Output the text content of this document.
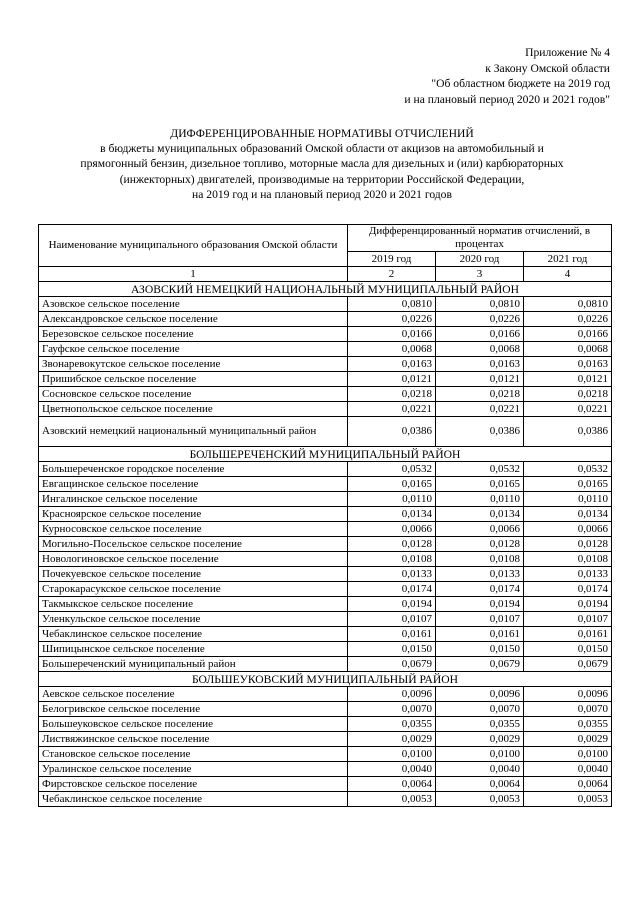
Приложение № 4
к Закону Омской области
"Об областном бюджете на 2019 год
и на плановый период 2020 и 2021 годов"
ДИФФЕРЕНЦИРОВАННЫЕ НОРМАТИВЫ ОТЧИСЛЕНИЙ
в бюджеты муниципальных образований Омской области от акцизов на автомобильный и
прямогонный бензин, дизельное топливо, моторные масла для дизельных и (или) карбюраторных
(инжекторных) двигателей, производимые на территории Российской Федерации,
на 2019 год и на плановый период 2020 и 2021 годов
Наименование муниципального образования Омской области	Дифференцированный норматив отчислений, в процентах		
	2019 год	2020 год	2021 год
1	2	3	4
АЗОВСКИЙ НЕМЕЦКИЙ НАЦИОНАЛЬНЫЙ МУНИЦИПАЛЬНЫЙ РАЙОН			
Азовское сельское поселение	0,0810	0,0810	0,0810
Александровское сельское поселение	0,0226	0,0226	0,0226
Березовское сельское поселение	0,0166	0,0166	0,0166
Гауфское сельское поселение	0,0068	0,0068	0,0068
Звонаревокутское сельское поселение	0,0163	0,0163	0,0163
Пришибское сельское поселение	0,0121	0,0121	0,0121
Сосновское сельское поселение	0,0218	0,0218	0,0218
Цветнопольское сельское поселение	0,0221	0,0221	0,0221
Азовский немецкий национальный муниципальный район	0,0386	0,0386	0,0386
БОЛЬШЕРЕЧЕНСКИЙ МУНИЦИПАЛЬНЫЙ РАЙОН			
Большереченское городское поселение	0,0532	0,0532	0,0532
Евгащинское сельское поселение	0,0165	0,0165	0,0165
Ингалинское сельское поселение	0,0110	0,0110	0,0110
Красноярское сельское поселение	0,0134	0,0134	0,0134
Курносовское сельское поселение	0,0066	0,0066	0,0066
Могильно-Посельское сельское поселение	0,0128	0,0128	0,0128
Новологиновское сельское поселение	0,0108	0,0108	0,0108
Почекуевское сельское поселение	0,0133	0,0133	0,0133
Старокарасукское сельское поселение	0,0174	0,0174	0,0174
Такмыкское сельское поселение	0,0194	0,0194	0,0194
Уленкульское сельское поселение	0,0107	0,0107	0,0107
Чебаклинское сельское поселение	0,0161	0,0161	0,0161
Шипицынское сельское поселение	0,0150	0,0150	0,0150
Большереченский муниципальный район	0,0679	0,0679	0,0679
БОЛЬШЕУКОВСКИЙ МУНИЦИПАЛЬНЫЙ РАЙОН			
Аевское сельское поселение	0,0096	0,0096	0,0096
Белогривское сельское поселение	0,0070	0,0070	0,0070
Большеуковское сельское поселение	0,0355	0,0355	0,0355
Листвяжинское сельское поселение	0,0029	0,0029	0,0029
Становское сельское поселение	0,0100	0,0100	0,0100
Уралинское сельское поселение	0,0040	0,0040	0,0040
Фирстовское сельское поселение	0,0064	0,0064	0,0064
Чебаклинское сельское поселение	0,0053	0,0053	0,0053
